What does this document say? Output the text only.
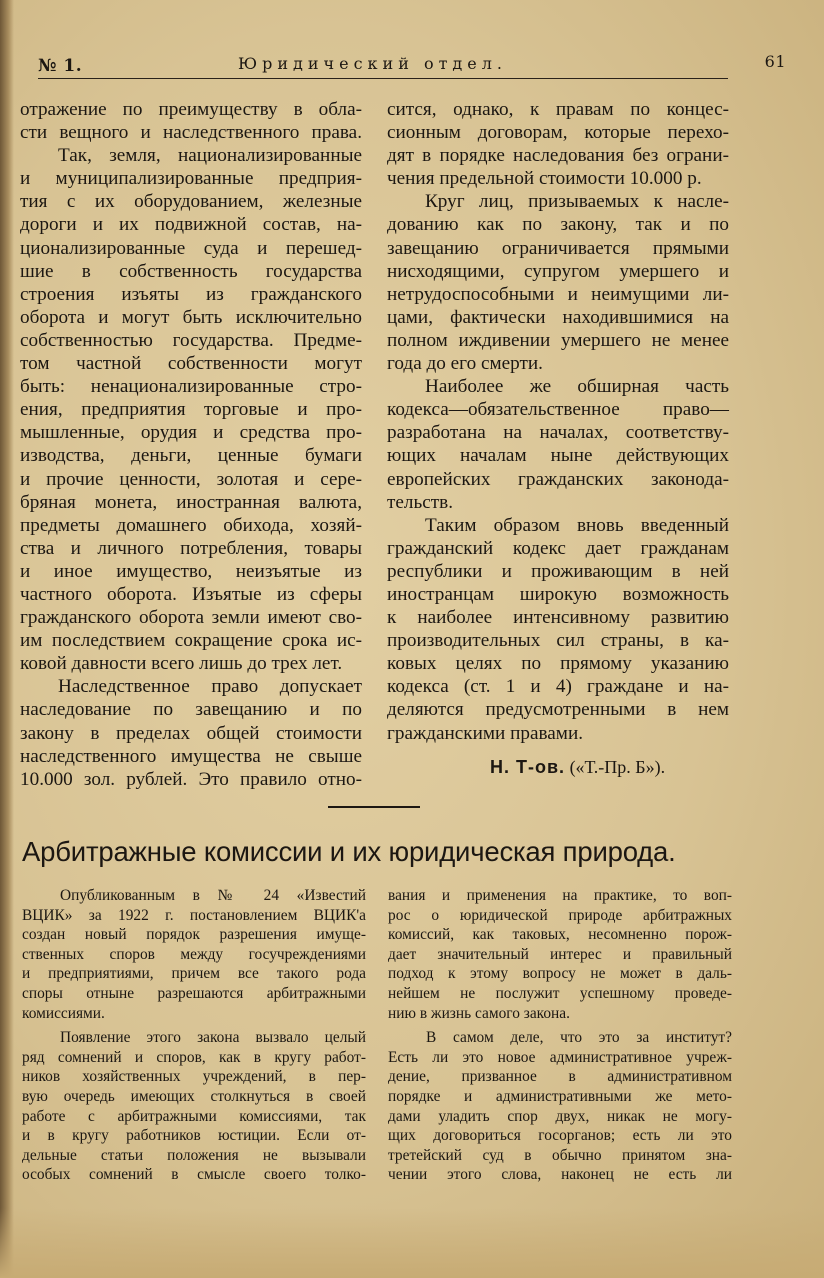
№ 1.	Юридический отдел.	61
отражение по преимуществу в обла-
сти вещного и наследственного права.
Так, земля, национализированные
и муниципализированные предприя-
тия с их оборудованием, железные
дороги и их подвижной состав, на-
ционализированные суда и перешед-
шие в собственность государства
строения изъяты из гражданского
оборота и могут быть исключительно
собственностью государства. Предме-
том частной собственности могут
быть: ненационализированные стро-
ения, предприятия торговые и про-
мышленные, орудия и средства про-
изводства, деньги, ценные бумаги
и прочие ценности, золотая и сере-
бряная монета, иностранная валюта,
предметы домашнего обихода, хозяй-
ства и личного потребления, товары
и иное имущество, неизъятые из
частного оборота. Изъятые из сферы
гражданского оборота земли имеют сво-
им последствием сокращение срока ис-
ковой давности всего лишь до трех лет.
Наследственное право допускает
наследование по завещанию и по
закону в пределах общей стоимости
наследственного имущества не свыше
10.000 зол. рублей. Это правило отно-
сится, однако, к правам по концес-
сионным договорам, которые перехо-
дят в порядке наследования без ограни-
чения предельной стоимости 10.000 р.
Круг лиц, призываемых к насле-
дованию как по закону, так и по
завещанию ограничивается прямыми
нисходящими, супругом умершего и
нетрудоспособными и неимущими ли-
цами, фактически находившимися на
полном иждивении умершего не менее
года до его смерти.
Наиболее же обширная часть
кодекса—обязательственное право—
разработана на началах, соответству-
ющих началам ныне действующих
европейских гражданских законода-
тельств.
Таким образом вновь введенный
гражданский кодекс дает гражданам
республики и проживающим в ней
иностранцам широкую возможность
к наиболее интенсивному развитию
производительных сил страны, в ка-
ковых целях по прямому указанию
кодекса (ст. 1 и 4) граждане и на-
деляются предусмотренными в нем
гражданскими правами.
Н. Т-ов. («Т.-Пр. Б»).
Арбитражные комиссии и их юридическая природа.
Опубликованным в № 24 «Известий
ВЦИК» за 1922 г. постановлением ВЦИК'а
создан новый порядок разрешения имуще-
ственных споров между госучреждениями
и предприятиями, причем все такого рода
споры отныне разрешаются арбитражными
комиссиями.
Появление этого закона вызвало целый
ряд сомнений и споров, как в кругу работ-
ников хозяйственных учреждений, в пер-
вую очередь имеющих столкнуться в своей
работе с арбитражными комиссиями, так
и в кругу работников юстиции. Если от-
дельные статьи положения не вызывали
особых сомнений в смысле своего толко-
вания и применения на практике, то воп-
рос о юридической природе арбитражных
комиссий, как таковых, несомненно порож-
дает значительный интерес и правильный
подход к этому вопросу не может в даль-
нейшем не послужит успешному проведе-
нию в жизнь самого закона.
В самом деле, что это за институт?
Есть ли это новое административное учреж-
дение, призванное в административном
порядке и административными же мето-
дами уладить спор двух, никак не могу-
щих договориться госорганов; есть ли это
третейский суд в обычно принятом зна-
чении этого слова, наконец не есть ли
